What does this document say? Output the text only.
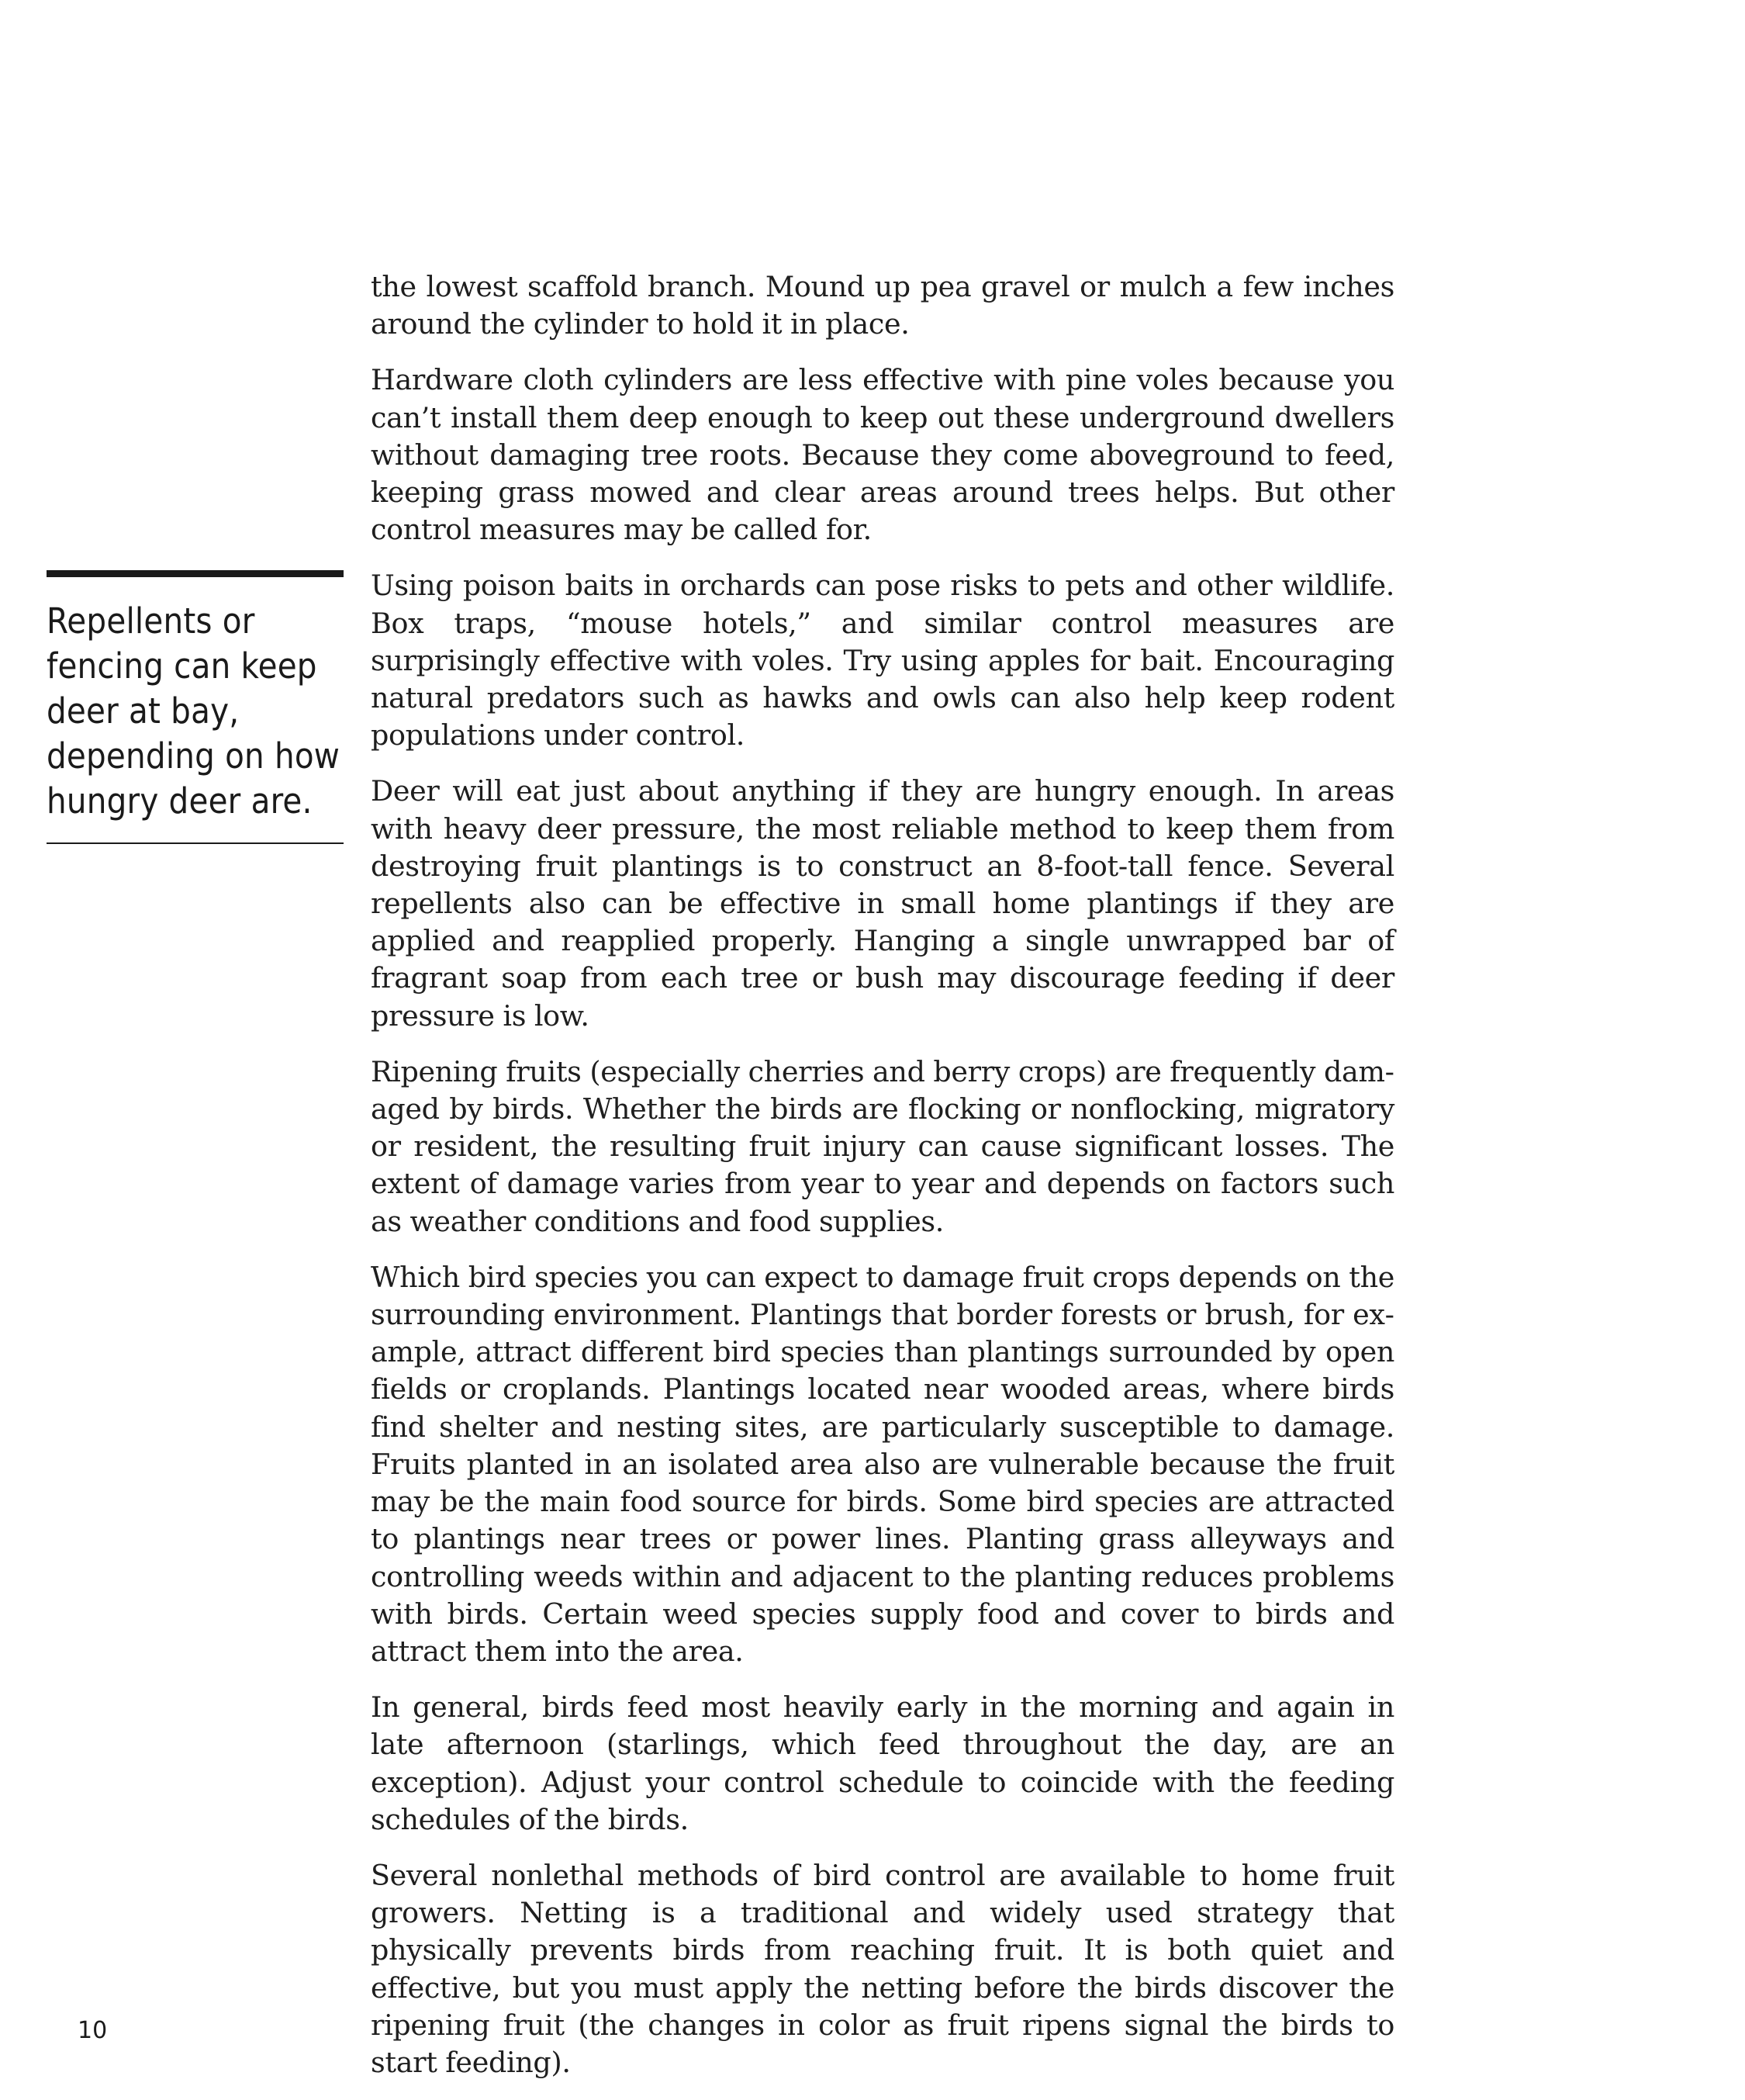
Repellents or fencing can keep deer at bay, depending on how hungry deer are.

the lowest scaffold branch. Mound up pea gravel or mulch a few inches around the cylinder to hold it in place.

Hardware cloth cylinders are less effective with pine voles because you can’t install them deep enough to keep out these underground dwellers without damaging tree roots. Because they come aboveground to feed, keeping grass mowed and clear areas around trees helps. But other control measures may be called for.

Using poison baits in orchards can pose risks to pets and other wildlife. Box traps, “mouse hotels,” and similar control measures are surprisingly effective with voles. Try using apples for bait. Encouraging natural predators such as hawks and owls can also help keep rodent populations under control.

Deer will eat just about anything if they are hungry enough. In areas with heavy deer pressure, the most reliable method to keep them from destroying fruit plantings is to construct an 8-foot-tall fence. Several repellents also can be effective in small home plantings if they are applied and reapplied properly. Hanging a single unwrapped bar of fragrant soap from each tree or bush may discourage feeding if deer pressure is low.

Ripening fruits (especially cherries and berry crops) are frequently damaged by birds. Whether the birds are flocking or nonflocking, migratory or resident, the resulting fruit injury can cause significant losses. The extent of damage varies from year to year and depends on factors such as weather conditions and food supplies.

Which bird species you can expect to damage fruit crops depends on the surrounding environment. Plantings that border forests or brush, for example, attract different bird species than plantings surrounded by open fields or croplands. Plantings located near wooded areas, where birds find shelter and nesting sites, are particularly susceptible to damage. Fruits planted in an isolated area also are vulnerable because the fruit may be the main food source for birds. Some bird species are attracted to plantings near trees or power lines. Planting grass alleyways and controlling weeds within and adjacent to the planting reduces problems with birds. Certain weed species supply food and cover to birds and attract them into the area.

In general, birds feed most heavily early in the morning and again in late afternoon (starlings, which feed throughout the day, are an exception). Adjust your control schedule to coincide with the feeding schedules of the birds.

Several nonlethal methods of bird control are available to home fruit growers. Netting is a traditional and widely used strategy that physically prevents birds from reaching fruit. It is both quiet and effective, but you must apply the netting before the birds discover the ripening fruit (the changes in color as fruit ripens signal the birds to start feeding).

10
